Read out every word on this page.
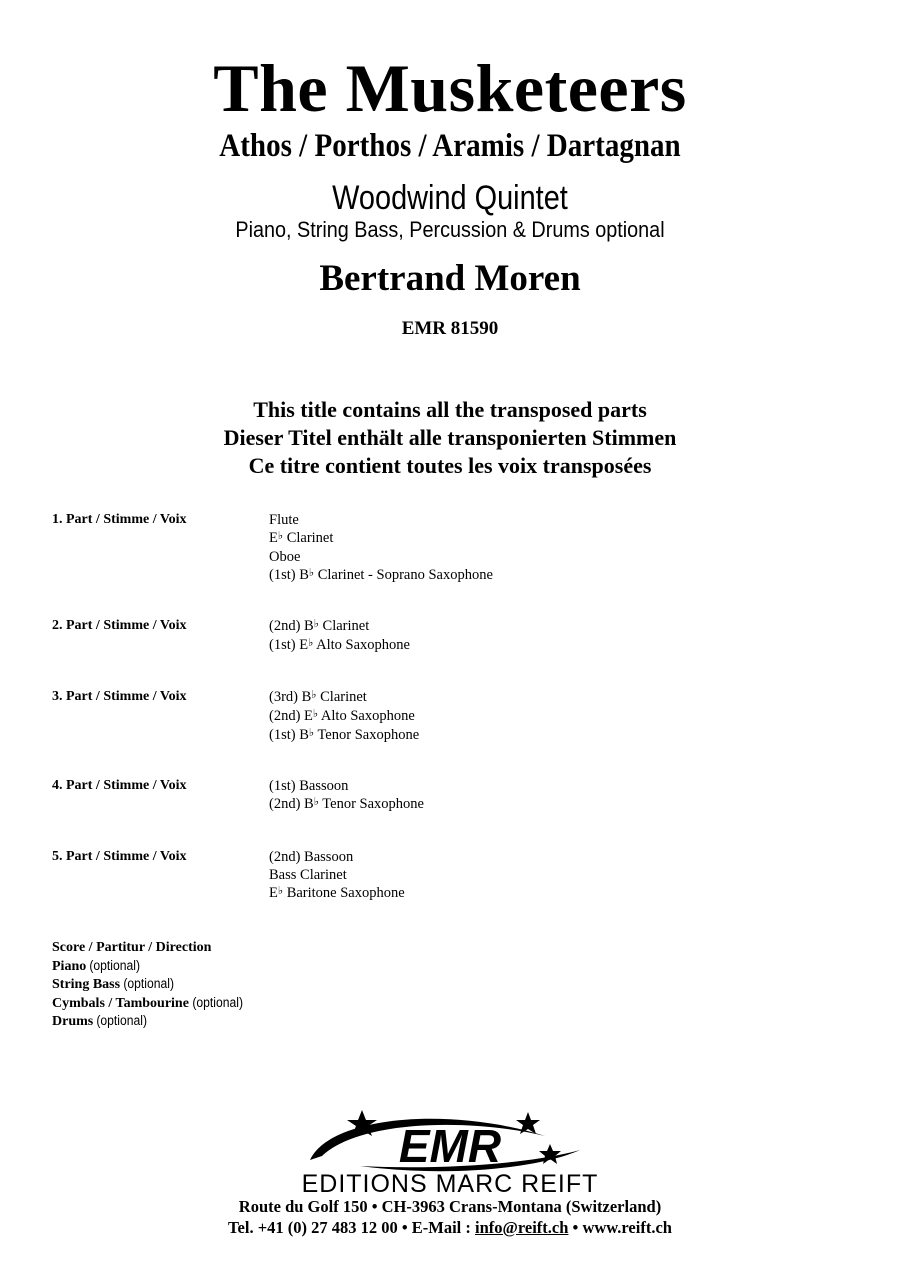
The Musketeers
Athos / Porthos / Aramis / Dartagnan
Woodwind Quintet
Piano, String Bass, Percussion & Drums optional
Bertrand Moren
EMR 81590
This title contains all the transposed parts
Dieser Titel enthält alle transponierten Stimmen
Ce titre contient toutes les voix transposées
1. Part / Stimme / Voix	Flute
E♭ Clarinet
Oboe
(1st) B♭ Clarinet - Soprano Saxophone
2. Part / Stimme / Voix	(2nd) B♭ Clarinet
(1st) E♭ Alto Saxophone
3. Part / Stimme / Voix	(3rd) B♭ Clarinet
(2nd) E♭ Alto Saxophone
(1st) B♭ Tenor Saxophone
4. Part / Stimme / Voix	(1st) Bassoon
(2nd) B♭ Tenor Saxophone
5. Part / Stimme / Voix	(2nd) Bassoon
Bass Clarinet
E♭ Baritone Saxophone
Score / Partitur / Direction
Piano (optional)
String Bass (optional)
Cymbals / Tambourine (optional)
Drums (optional)
EMR
EDITIONS MARC REIFT
Route du Golf 150 • CH-3963 Crans-Montana (Switzerland)
Tel. +41 (0) 27 483 12 00 • E-Mail : info@reift.ch • www.reift.ch
